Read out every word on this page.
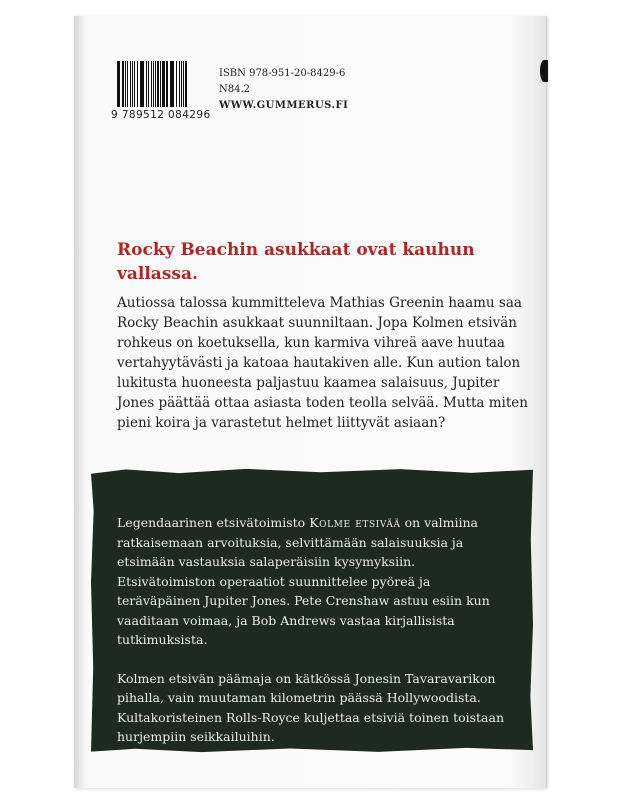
9 789512 084296
ISBN 978-951-20-8429-6
N84.2
WWW.GUMMERUS.FI
Rocky Beachin asukkaat ovat kauhun vallassa.
Autiossa talossa kummitteleva Mathias Greenin haamu saa Rocky Beachin asukkaat suunniltaan. Jopa Kolmen etsivän rohkeus on koetuksella, kun karmiva vihreä aave huutaa vertahyytävästi ja katoaa hautakiven alle. Kun aution talon lukitusta huoneesta paljastuu kaamea salaisuus, Jupiter Jones päättää ottaa asiasta toden teolla selvää. Mutta miten pieni koira ja varastetut helmet liittyvät asiaan?

Legendaarinen etsivätoimisto Kolme etsivää on valmiina ratkaisemaan arvoituksia, selvittämään salaisuuksia ja etsimään vastauksia salaperäisiin kysymyksiin. Etsivätoimiston operaatiot suunnittelee pyöreä ja teräväpäinen Jupiter Jones. Pete Crenshaw astuu esiin kun vaaditaan voimaa, ja Bob Andrews vastaa kirjallisista tutkimuksista.

Kolmen etsivän päämaja on kätkössä Jonesin Tavaravarikon pihalla, vain muutaman kilometrin päässä Hollywoodista. Kultakoristeinen Rolls-Royce kuljettaa etsiviä toinen toistaan hurjempiin seikkailuihin.
